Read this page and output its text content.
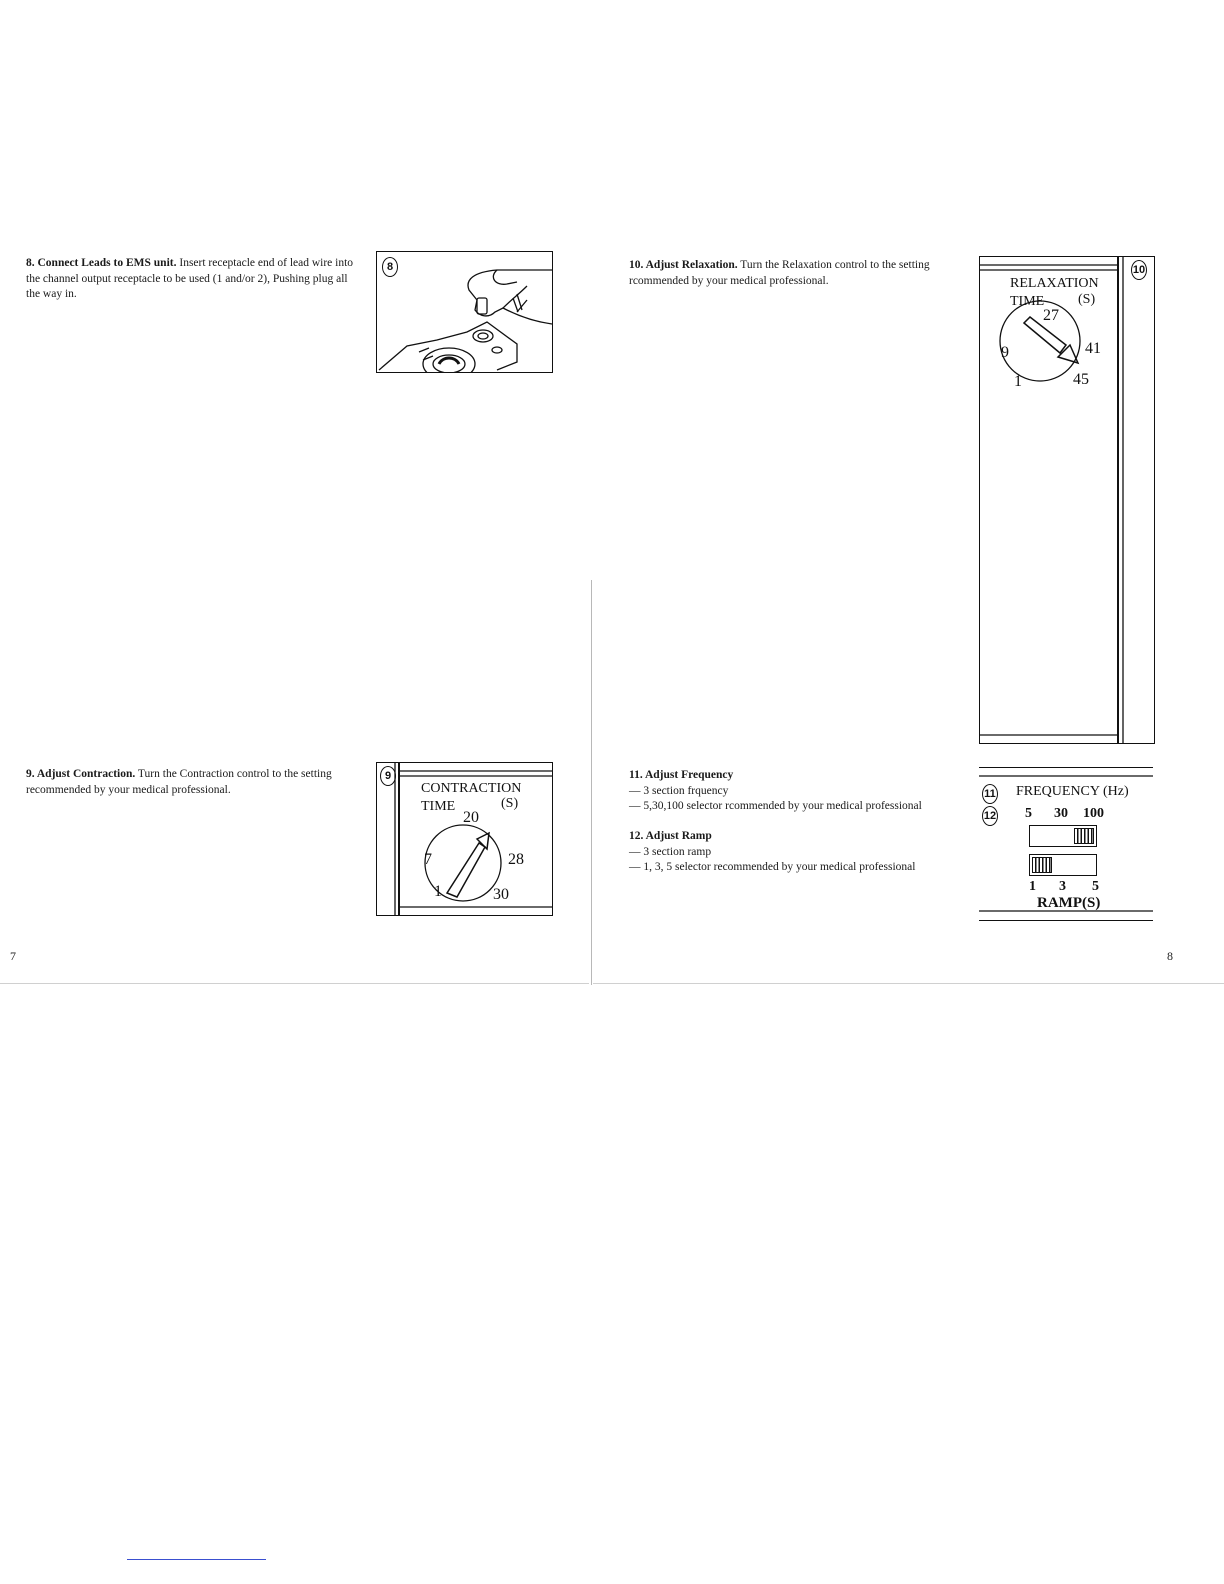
8. Connect Leads to EMS unit. Insert receptacle end of lead wire into the channel output receptacle to be used (1 and/or 2), Pushing plug all the way in.
8
9. Adjust Contraction. Turn the Contraction control to the setting recommended by your medical professional.
9
CONTRACTION
TIME	(S)
20
7	28
1	30
7
10. Adjust Relaxation. Turn the Relaxation control to the setting rcommended by your medical professional.
10
RELAXATION
TIME (S)
27
9	41
1	45
11. Adjust Frequency
— 3 section frquency
— 5,30,100 selector rcommended by your medical professional
12. Adjust Ramp
— 3 section ramp
— 1, 3, 5 selector recommended by your medical professional
11
12
FREQUENCY (Hz)
5 30 100
1 3 5
RAMP(S)
8
